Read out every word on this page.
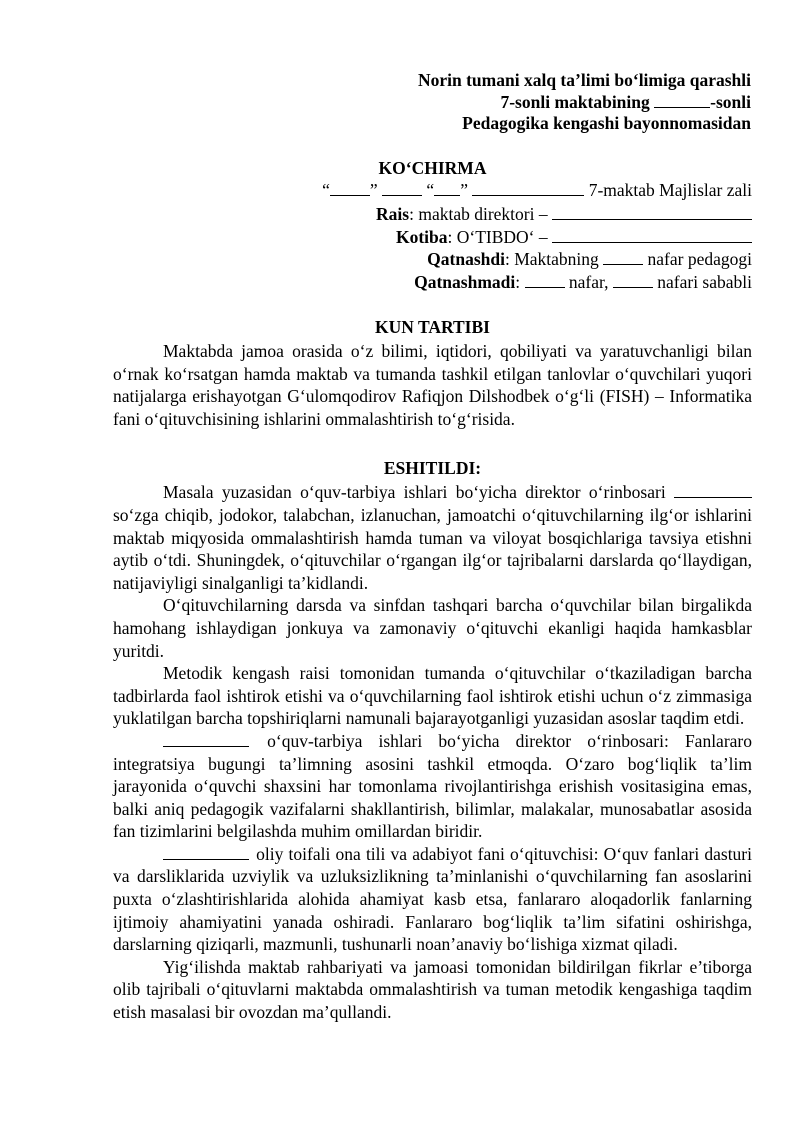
Norin tumani xalq ta’limi bo‘limiga qarashli
7-sonli maktabining	-sonli
Pedagogika kengashi bayonnomasidan
KO‘CHIRMA
“ ”	“ ”	7-maktab Majlislar zali
Rais: maktab direktori –
Kotiba: O‘TIBDO‘ –
Qatnashdi: Maktabning  nafar pedagogi
Qatnashmadi:  nafar,  nafari sababli
KUN TARTIBI

Maktabda jamoa orasida o‘z bilimi, iqtidori, qobiliyati va yaratuvchanligi bilan o‘rnak ko‘rsatgan hamda maktab va tumanda tashkil etilgan tanlovlar o‘quvchilari yuqori natijalarga erishayotgan G‘ulomqodirov Rafiqjon Dilshodbek o‘g‘li (FISH) – Informatika fani o‘qituvchisining ishlarini ommalashtirish to‘g‘risida.

ESHITILDI:

Masala yuzasidan o‘quv-tarbiya ishlari bo‘yicha direktor o‘rinbosari  so‘zga chiqib, jodokor, talabchan, izlanuchan, jamoatchi o‘qituvchilarning ilg‘or ishlarini maktab miqyosida ommalashtirish hamda tuman va viloyat bosqichlariga tavsiya etishni aytib o‘tdi. Shuningdek, o‘qituvchilar o‘rgangan ilg‘or tajribalarni darslarda qo‘llaydigan, natijaviyligi sinalganligi ta’kidlandi.

O‘qituvchilarning darsda va sinfdan tashqari barcha o‘quvchilar bilan birgalikda hamohang ishlaydigan jonkuya va zamonaviy o‘qituvchi ekanligi haqida hamkasblar yuritdi.

Metodik kengash raisi tomonidan tumanda o‘qituvchilar o‘tkaziladigan barcha tadbirlarda faol ishtirok etishi va o‘quvchilarning faol ishtirok etishi uchun o‘z zimmasiga yuklatilgan barcha topshiriqlarni namunali bajarayotganligi yuzasidan asoslar taqdim etdi.

o‘quv-tarbiya ishlari bo‘yicha direktor o‘rinbosari: Fanlararo integratsiya bugungi ta’limning asosini tashkil etmoqda. O‘zaro bog‘liqlik ta’lim jarayonida o‘quvchi shaxsini har tomonlama rivojlantirishga erishish vositasigina emas, balki aniq pedagogik vazifalarni shakllantirish, bilimlar, malakalar, munosabatlar asosida fan tizimlarini belgilashda muhim omillardan biridir.

oliy toifali ona tili va adabiyot fani o‘qituvchisi: O‘quv fanlari dasturi va darsliklarida uzviylik va uzluksizlikning ta’minlanishi o‘quvchilarning fan asoslarini puxta o‘zlashtirishlarida alohida ahamiyat kasb etsa, fanlararo aloqadorlik fanlarning ijtimoiy ahamiyatini yanada oshiradi. Fanlararo bog‘liqlik ta’lim sifatini oshirishga, darslarning qiziqarli, mazmunli, tushunarli noan’anaviy bo‘lishiga xizmat qiladi.

Yig‘ilishda maktab rahbariyati va jamoasi tomonidan bildirilgan fikrlar e’tiborga olib tajribali o‘qituvlarni maktabda ommalashtirish va tuman metodik kengashiga taqdim etish masalasi bir ovozdan ma’qullandi.
